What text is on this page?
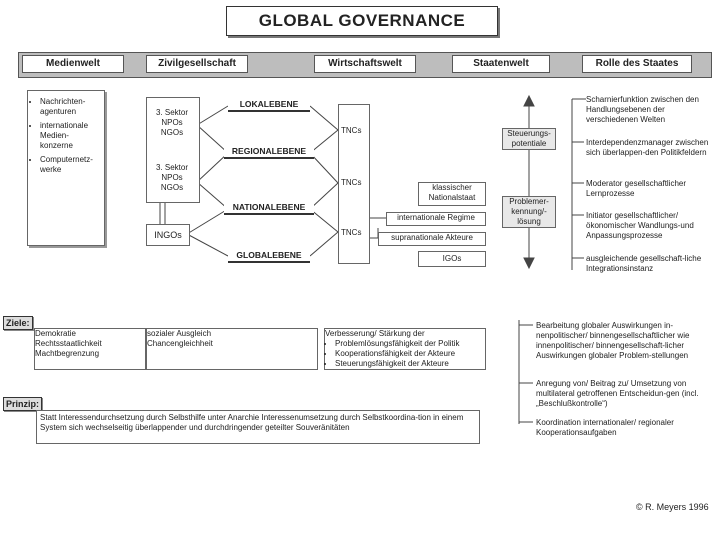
GLOBAL GOVERNANCE
Medienwelt	Zivilgesellschaft	Wirtschaftswelt	Staatenwelt	Rolle des Staates
• Nachrichten-agenturen
• internationale Medien-konzerne
• Computernetz-werke
3. Sektor NPOs NGOs
3. Sektor NPOs NGOs
INGOs
LOKALEBENE
REGIONALEBENE
NATIONALEBENE
GLOBALEBENE
TNCs
TNCs
TNCs
klassischer Nationalstaat
internationale Regime
supranationale Akteure
IGOs
Steuerungs-potentiale
Problemer-kennung/-lösung
Scharnierfunktion zwischen den Handlungsebenen der verschiedenen Welten
Interdependenzmanager zwischen sich überlappen-den Politikfeldern
Moderator gesellschaftlicher Lernprozesse
Initiator gesellschaftlicher/ ökonomischer Wandlungs-und Anpassungsprozesse
ausgleichende gesellschaft-liche Integrationsinstanz
Ziele:
Demokratie
Rechtsstaatlichkeit
Machtbegrenzung
sozialer Ausgleich
Chancengleichheit
Verbesserung/ Stärkung der
• Problemlösungsfähigkeit der Politik
• Kooperationsfähigkeit der Akteure
• Steuerungsfähigkeit der Akteure
Bearbeitung globaler Auswirkungen in-nenpolitischer/ binnengesellschaftlicher wie innenpolitischer/ binnengesellschaft-licher Auswirkungen globaler Problem-stellungen
Anregung von/ Beitrag zu/ Umsetzung von multilateral getroffenen Entscheidun-gen (incl. „Beschlußkontrolle“)
Koordination internationaler/ regionaler Kooperationsaufgaben
Prinzip:
Statt Interessendurchsetzung durch Selbsthilfe unter Anarchie Interessenumsetzung durch Selbstkoordina-tion in einem System sich wechselseitig überlappender und durchdringender geteilter Souveränitäten
© R. Meyers 1996
